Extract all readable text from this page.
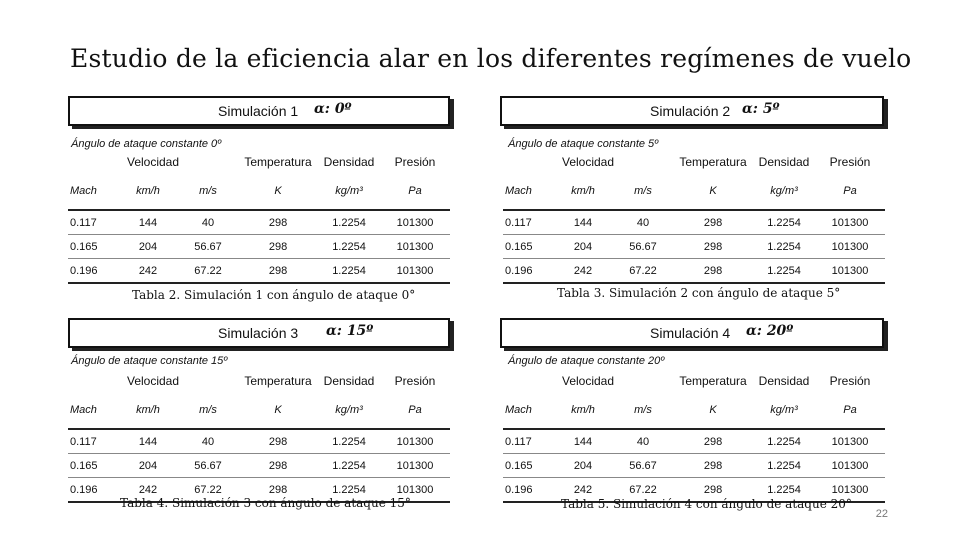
Estudio de la eficiencia alar en los diferentes regímenes de vuelo
Simulación 1 α: 0º
Ángulo de ataque constante 0º
Velocidad			Temperatura	Densidad	Presión
Mach	km/h	m/s	K	kg/m³	Pa
0.117	144	40	298	1.2254	101300
0.165	204	56.67	298	1.2254	101300
0.196	242	67.22	298	1.2254	101300
Tabla 2. Simulación 1 con ángulo de ataque 0°
Simulación 2 α: 5º
Ángulo de ataque constante 5º
Velocidad			Temperatura	Densidad	Presión
Mach	km/h	m/s	K	kg/m³	Pa
0.117	144	40	298	1.2254	101300
0.165	204	56.67	298	1.2254	101300
0.196	242	67.22	298	1.2254	101300
Tabla 3. Simulación 2 con ángulo de ataque 5°
Simulación 3 α: 15º
Ángulo de ataque constante 15º
Velocidad			Temperatura	Densidad	Presión
Mach	km/h	m/s	K	kg/m³	Pa
0.117	144	40	298	1.2254	101300
0.165	204	56.67	298	1.2254	101300
0.196	242	67.22	298	1.2254	101300
Tabla 4. Simulación 3 con ángulo de ataque 15°
Simulación 4 α: 20º
Ángulo de ataque constante 20º
Velocidad			Temperatura	Densidad	Presión
Mach	km/h	m/s	K	kg/m³	Pa
0.117	144	40	298	1.2254	101300
0.165	204	56.67	298	1.2254	101300
0.196	242	67.22	298	1.2254	101300
Tabla 5. Simulación 4 con ángulo de ataque 20°
22
